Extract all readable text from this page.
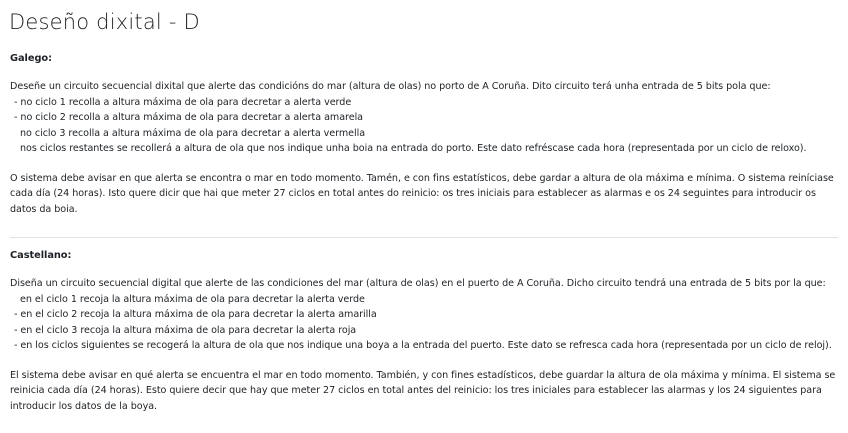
Deseño dixital - D
Galego:

Deseñe un circuito secuencial dixital que alerte das condicións do mar (altura de olas) no porto de A Coruña. Dito circuito terá unha entrada de 5 bits pola que:

- no ciclo 1 recolla a altura máxima de ola para decretar a alerta verde

- no ciclo 2 recolla a altura máxima de ola para decretar a alerta amarela

no ciclo 3 recolla a altura máxima de ola para decretar a alerta vermella

nos ciclos restantes se recollerá a altura de ola que nos indique unha boia na entrada do porto. Este dato refréscase cada hora (representada por un ciclo de reloxo).

O sistema debe avisar en que alerta se encontra o mar en todo momento. Tamén, e con fins estatísticos, debe gardar a altura de ola máxima e mínima. O sistema reiníciase cada día (24 horas). Isto quere dicir que hai que meter 27 ciclos en total antes do reinicio: os tres iniciais para establecer as alarmas e os 24 seguintes para introducir os datos da boia.

Castellano:

Diseña un circuito secuencial digital que alerte de las condiciones del mar (altura de olas) en el puerto de A Coruña. Dicho circuito tendrá una entrada de 5 bits por la que:

en el ciclo 1 recoja la altura máxima de ola para decretar la alerta verde

- en el ciclo 2 recoja la altura máxima de ola para decretar la alerta amarilla

- en el ciclo 3 recoja la altura máxima de ola para decretar la alerta roja

- en los ciclos siguientes se recogerá la altura de ola que nos indique una boya a la entrada del puerto. Este dato se refresca cada hora (representada por un ciclo de reloj).

El sistema debe avisar en qué alerta se encuentra el mar en todo momento. También, y con fines estadísticos, debe guardar la altura de ola máxima y mínima. El sistema se reinicia cada día (24 horas). Esto quiere decir que hay que meter 27 ciclos en total antes del reinicio: los tres iniciales para establecer las alarmas y los 24 siguientes para introducir los datos de la boya.
